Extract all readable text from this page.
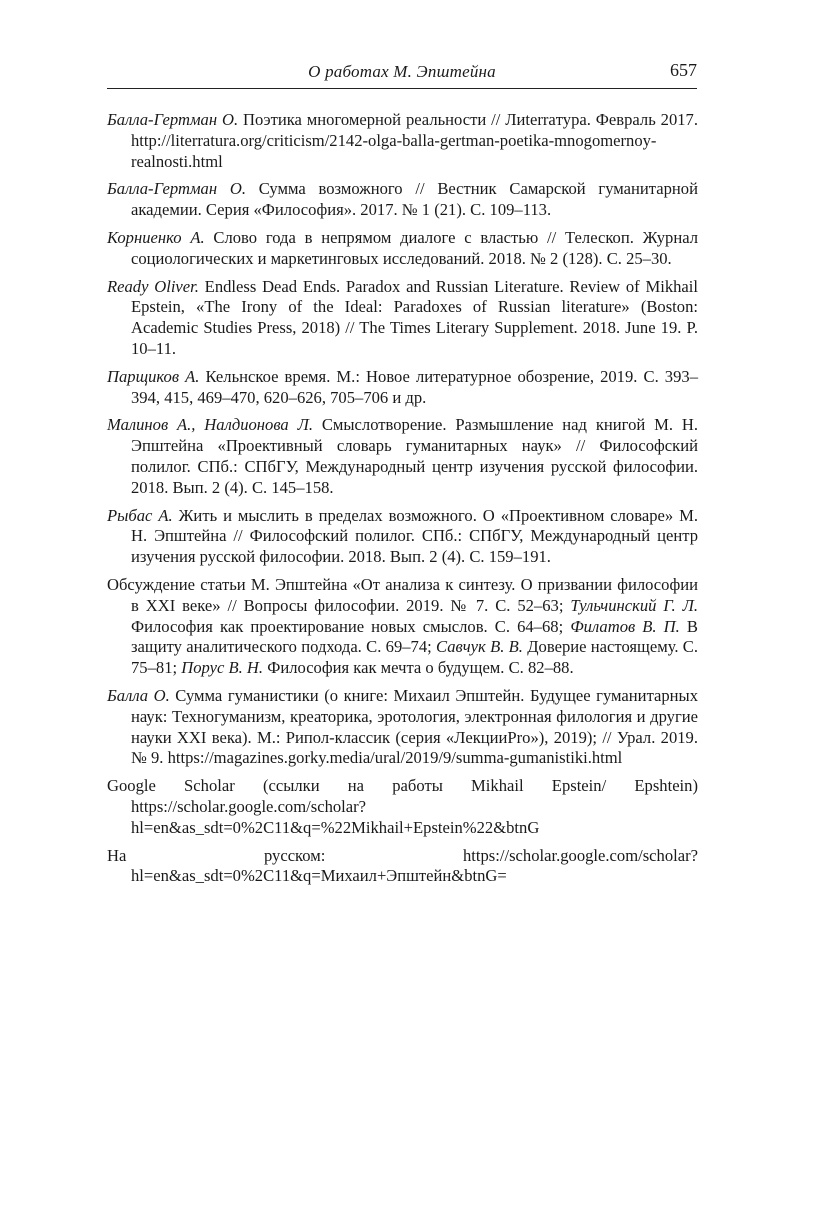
О работах М. Эпштейна	657
Балла-Гертман О. Поэтика многомерной реальности // Лиterraтура. Февраль 2017. http://literratura.org/criticism/2142-olga-balla-gertman-poetika-mnogomernoy-realnosti.html
Балла-Гертман О. Сумма возможного // Вестник Самарской гуманитарной академии. Серия «Философия». 2017. № 1 (21). С. 109–113.
Корниенко А. Слово года в непрямом диалоге с властью // Телескоп. Журнал социологических и маркетинговых исследований. 2018. № 2 (128). С. 25–30.
Ready Oliver. Endless Dead Ends. Paradox and Russian Literature. Review of Mikhail Epstein, «The Irony of the Ideal: Paradoxes of Russian literature» (Boston: Academic Studies Press, 2018) // The Times Literary Supplement. 2018. June 19. P. 10–11.
Парщиков А. Кельнское время. М.: Новое литературное обозрение, 2019. С. 393–394, 415, 469–470, 620–626, 705–706 и др.
Малинов А., Налдионова Л. Смыслотворение. Размышление над книгой М. Н. Эпштейна «Проективный словарь гуманитарных наук» // Философский полилог. СПб.: СПбГУ, Международный центр изучения русской философии. 2018. Вып. 2 (4). С. 145–158.
Рыбас А. Жить и мыслить в пределах возможного. О «Проективном словаре» М. Н. Эпштейна // Философский полилог. СПб.: СПбГУ, Международный центр изучения русской философии. 2018. Вып. 2 (4). С. 159–191.
Обсуждение статьи М. Эпштейна «От анализа к синтезу. О призвании философии в XXI веке» // Вопросы философии. 2019. № 7. С. 52–63; Тульчинский Г. Л. Философия как проектирование новых смыслов. С. 64–68; Филатов В. П. В защиту аналитического подхода. С. 69–74; Савчук В. В. Доверие настоящему. С. 75–81; Порус В. Н. Философия как мечта о будущем. С. 82–88.
Балла О. Сумма гуманистики (о книге: Михаил Эпштейн. Будущее гуманитарных наук: Техногуманизм, креаторика, эротология, электронная филология и другие науки XXI века). М.: Рипол-классик (серия «ЛекцииPro»), 2019); // Урал. 2019. № 9. https://magazines.gorky.media/ural/2019/9/summa-gumanistiki.html
Google Scholar (ссылки на работы Mikhail Epstein/ Epshtein) https://scholar.google.com/scholar?hl=en&as_sdt=0%2C11&q=%22Mikhail+Epstein%22&btnG
На русском: https://scholar.google.com/scholar?hl=en&as_sdt=0%2C11&q=Михаил+Эпштейн&btnG=
